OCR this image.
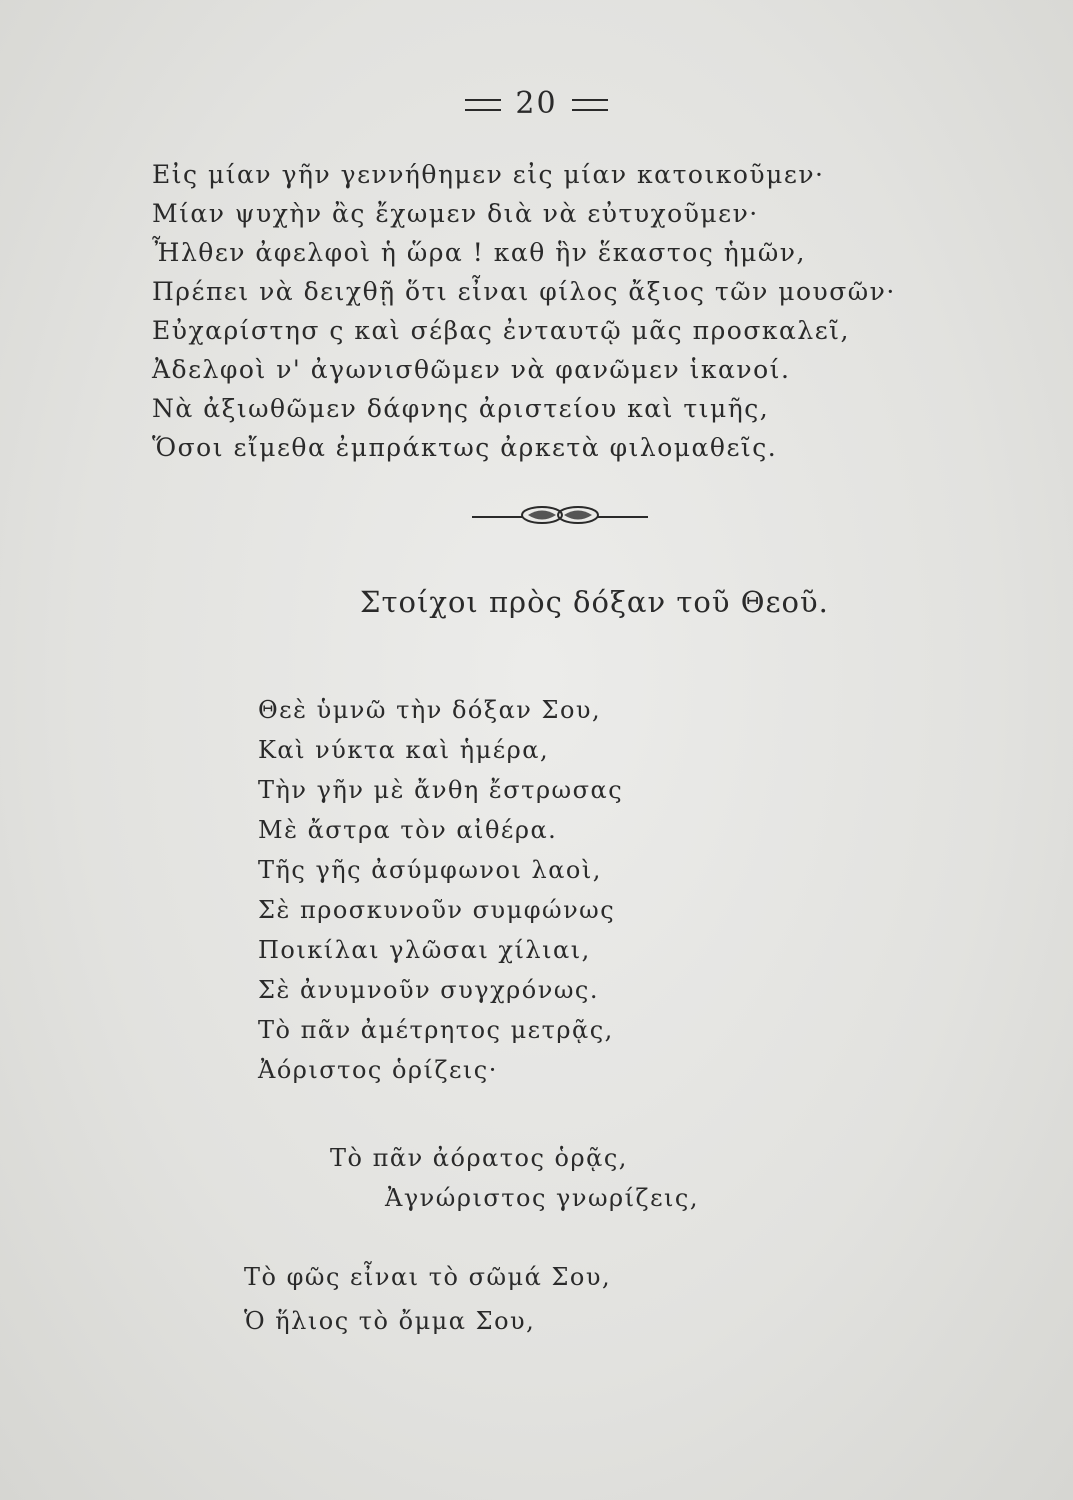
20
Εἰς μίαν γῆν γεννήθημεν εἰς μίαν κατοικοῦμεν·
Μίαν ψυχὴν ἂς ἔχωμεν διὰ νὰ εὐτυχοῦμεν·
Ἦλθεν ἀφελφοὶ ἡ ὥρα ! καθ ἣν ἕκαστος ἡμῶν,
Πρέπει νὰ δειχθῇ ὅτι εἶναι φίλος ἄξιος τῶν μουσῶν·
Εὐχαρίστησ ς καὶ σέβας ἐνταυτῷ μᾶς προσκαλεῖ,
Ἀδελφοὶ ν' ἀγωνισθῶμεν νὰ φανῶμεν ἱκανοί.
Νὰ ἀξιωθῶμεν δάφνης ἀριστείου καὶ τιμῆς,
Ὅσοι εἴμεθα ἐμπράκτως ἀρκετὰ φιλομαθεῖς.
Στοίχοι πρὸς δόξαν τοῦ Θεοῦ.
Θεὲ ὑμνῶ τὴν δόξαν Σου,
Καὶ νύκτα καὶ ἡμέρα,
Τὴν γῆν μὲ ἄνθη ἔστρωσας
Μὲ ἄστρα τὸν αἰθέρα.
Τῆς γῆς ἀσύμφωνοι λαοὶ,
Σὲ προσκυνοῦν συμφώνως
Ποικίλαι γλῶσαι χίλιαι,
Σὲ ἀνυμνοῦν συγχρόνως.
Τὸ πᾶν ἀμέτρητος μετρᾷς,
Ἀόριστος ὁρίζεις·
Τὸ πᾶν ἀόρατος ὁρᾷς,
Ἀγνώριστος γνωρίζεις,
Τὸ φῶς εἶναι τὸ σῶμά Σου,
Ὁ ἥλιος τὸ ὄμμα Σου,
